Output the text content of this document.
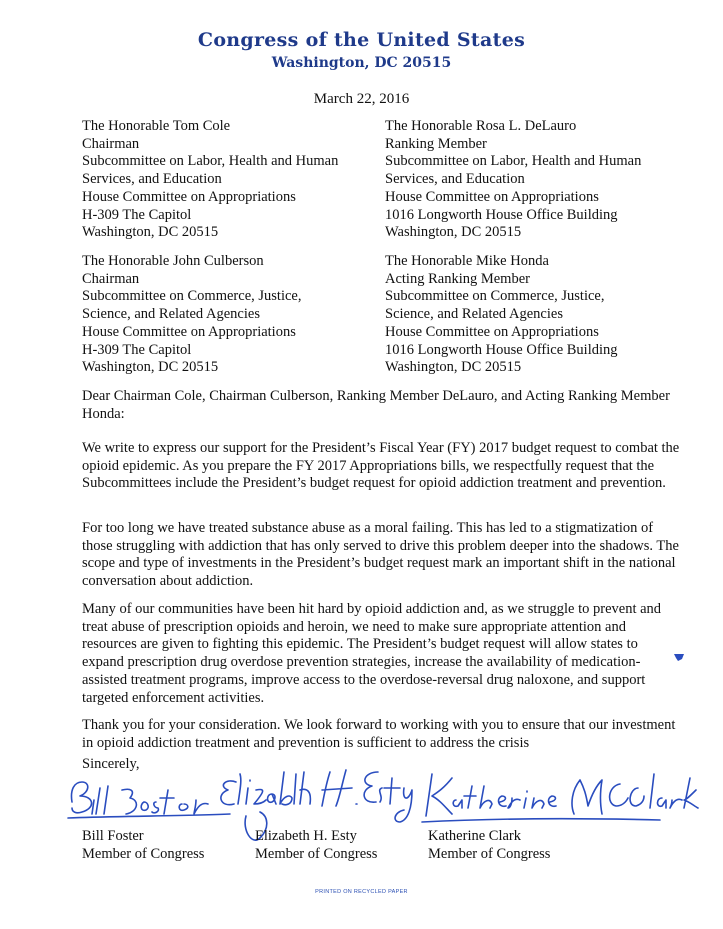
Congress of the United States
Washington, DC 20515
March 22, 2016
The Honorable Tom Cole
Chairman
Subcommittee on Labor, Health and Human
Services, and Education
House Committee on Appropriations
H-309 The Capitol
Washington, DC 20515
The Honorable Rosa L. DeLauro
Ranking Member
Subcommittee on Labor, Health and Human
Services, and Education
House Committee on Appropriations
1016 Longworth House Office Building
Washington, DC 20515
The Honorable John Culberson
Chairman
Subcommittee on Commerce, Justice,
Science, and Related Agencies
House Committee on Appropriations
H-309 The Capitol
Washington, DC 20515
The Honorable Mike Honda
Acting Ranking Member
Subcommittee on Commerce, Justice,
Science, and Related Agencies
House Committee on Appropriations
1016 Longworth House Office Building
Washington, DC 20515
Dear Chairman Cole, Chairman Culberson, Ranking Member DeLauro, and Acting Ranking Member Honda:
We write to express our support for the President’s Fiscal Year (FY) 2017 budget request to combat the opioid epidemic. As you prepare the FY 2017 Appropriations bills, we respectfully request that the Subcommittees include the President’s budget request for opioid addiction treatment and prevention.
For too long we have treated substance abuse as a moral failing. This has led to a stigmatization of those struggling with addiction that has only served to drive this problem deeper into the shadows. The scope and type of investments in the President’s budget request mark an important shift in the national conversation about addiction.
Many of our communities have been hit hard by opioid addiction and, as we struggle to prevent and treat abuse of prescription opioids and heroin, we need to make sure appropriate attention and resources are given to fighting this epidemic. The President’s budget request will allow states to expand prescription drug overdose prevention strategies, increase the availability of medication-assisted treatment programs, improve access to the overdose-reversal drug naloxone, and support targeted enforcement activities.
Thank you for your consideration. We look forward to working with you to ensure that our investment in opioid addiction treatment and prevention is sufficient to address the crisis
Sincerely,
Bill Foster
Member of Congress
Elizabeth H. Esty
Member of Congress
Katherine Clark
Member of Congress
PRINTED ON RECYCLED PAPER
